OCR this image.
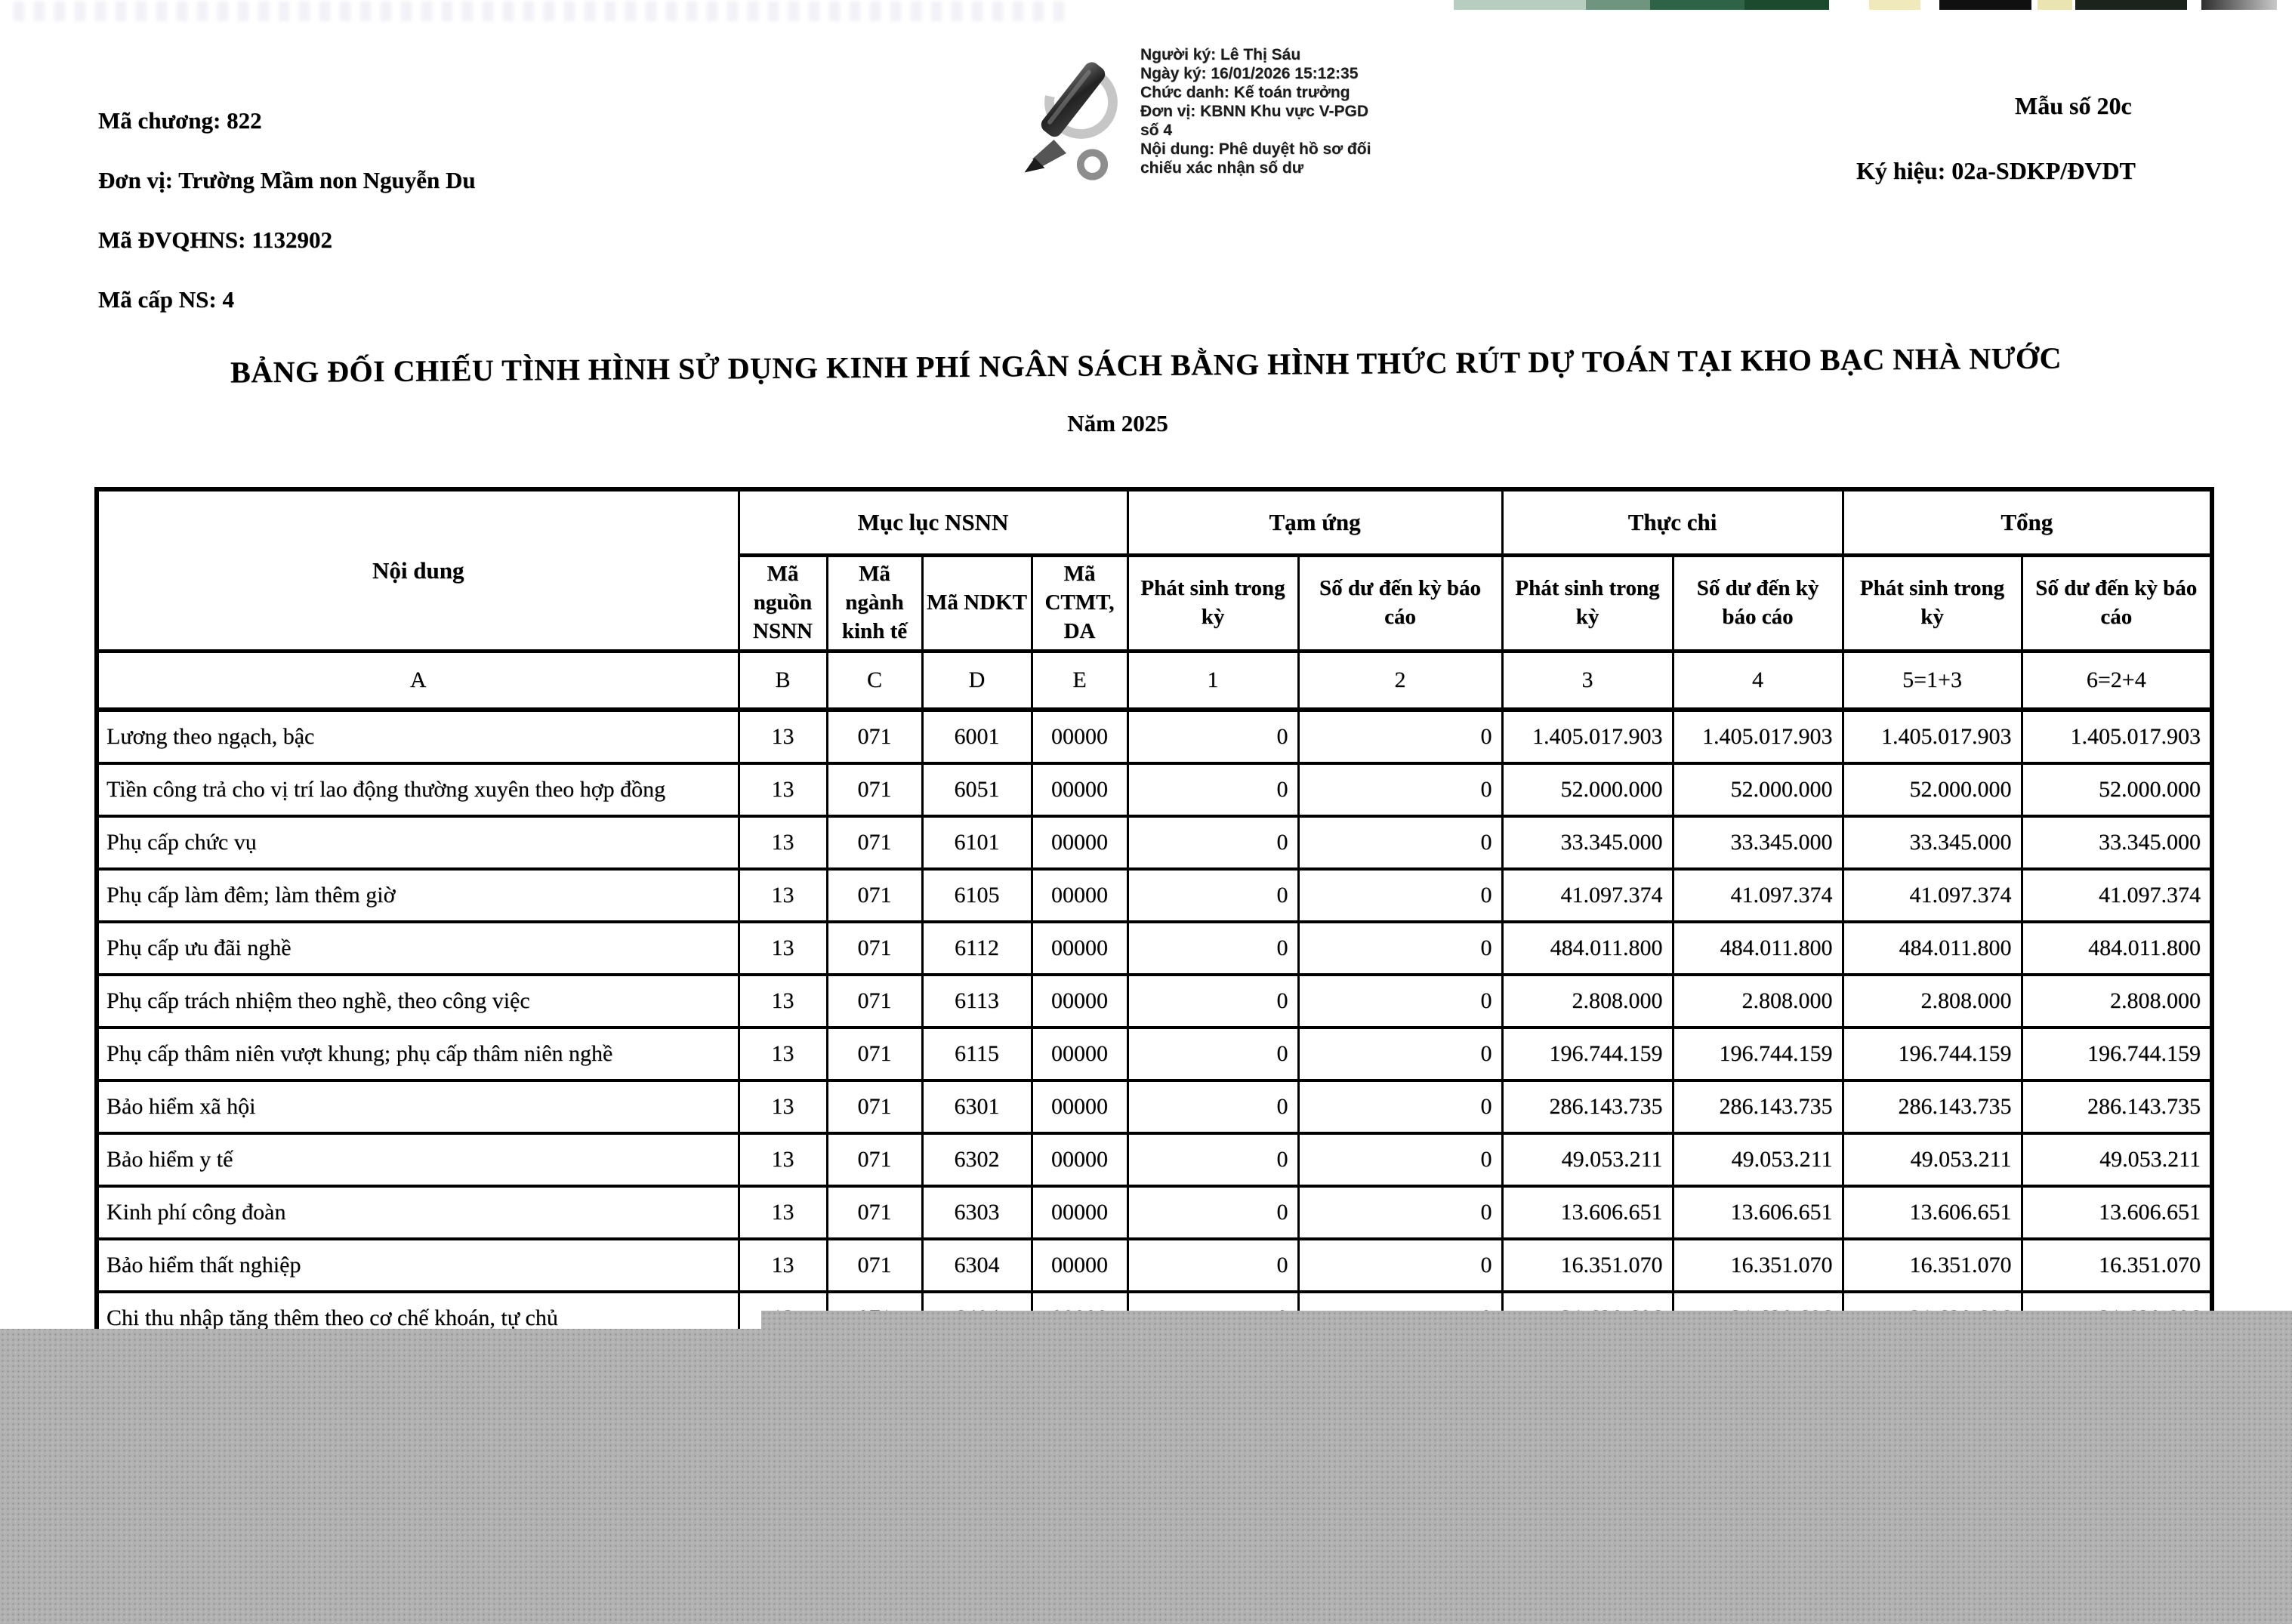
Mã chương: 822
Đơn vị: Trường Mầm non Nguyễn Du
Mã ĐVQHNS: 1132902
Mã cấp NS: 4
Mẫu số 20c
Ký hiệu: 02a-SDKP/ĐVDT
Người ký: Lê Thị Sáu
Ngày ký: 16/01/2026 15:12:35
Chức danh: Kế toán trưởng
Đơn vị: KBNN Khu vực V-PGD
số 4
Nội dung: Phê duyệt hồ sơ đối
chiếu xác nhận số dư
BẢNG ĐỐI CHIẾU TÌNH HÌNH SỬ DỤNG KINH PHÍ NGÂN SÁCH BẰNG HÌNH THỨC RÚT DỰ TOÁN TẠI KHO BẠC NHÀ NƯỚC
Năm 2025
Nội dung	Mục lục NSNN				Tạm ứng		Thực chi		Tổng	
	Mã nguồn NSNN	Mã ngành kinh tế	Mã NDKT	Mã CTMT, DA	Phát sinh trong kỳ	Số dư đến kỳ báo cáo	Phát sinh trong kỳ	Số dư đến kỳ báo cáo	Phát sinh trong kỳ	Số dư đến kỳ báo cáo
A	B	C	D	E	1	2	3	4	5=1+3	6=2+4
Lương theo ngạch, bậc	13	071	6001	00000	0	0	1.405.017.903	1.405.017.903	1.405.017.903	1.405.017.903
Tiền công trả cho vị trí lao động thường xuyên theo hợp đồng	13	071	6051	00000	0	0	52.000.000	52.000.000	52.000.000	52.000.000
Phụ cấp chức vụ	13	071	6101	00000	0	0	33.345.000	33.345.000	33.345.000	33.345.000
Phụ cấp làm đêm; làm thêm giờ	13	071	6105	00000	0	0	41.097.374	41.097.374	41.097.374	41.097.374
Phụ cấp ưu đãi nghề	13	071	6112	00000	0	0	484.011.800	484.011.800	484.011.800	484.011.800
Phụ cấp trách nhiệm theo nghề, theo công việc	13	071	6113	00000	0	0	2.808.000	2.808.000	2.808.000	2.808.000
Phụ cấp thâm niên vượt khung; phụ cấp thâm niên nghề	13	071	6115	00000	0	0	196.744.159	196.744.159	196.744.159	196.744.159
Bảo hiểm xã hội	13	071	6301	00000	0	0	286.143.735	286.143.735	286.143.735	286.143.735
Bảo hiểm y tế	13	071	6302	00000	0	0	49.053.211	49.053.211	49.053.211	49.053.211
Kinh phí công đoàn	13	071	6303	00000	0	0	13.606.651	13.606.651	13.606.651	13.606.651
Bảo hiểm thất nghiệp	13	071	6304	00000	0	0	16.351.070	16.351.070	16.351.070	16.351.070
Chi thu nhập tăng thêm theo cơ chế khoán, tự chủ										
